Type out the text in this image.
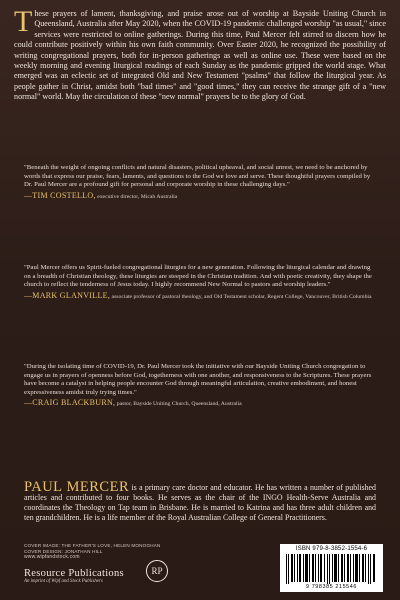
These prayers of lament, thanksgiving, and praise arose out of worship at Bayside Uniting Church in Queensland, Australia after May 2020, when the COVID-19 pandemic challenged worship "as usual," since services were restricted to online gatherings. During this time, Paul Mercer felt stirred to discern how he could contribute positively within his own faith community. Over Easter 2020, he recognized the possibility of writing congregational prayers, both for in-person gatherings as well as online use. These were based on the weekly morning and evening liturgical readings of each Sunday as the pandemic gripped the world stage. What emerged was an eclectic set of integrated Old and New Testament "psalms" that follow the liturgical year. As people gather in Christ, amidst both "bad times" and "good times," they can receive the strange gift of a "new normal" world. May the circulation of these "new normal" prayers be to the glory of God.

"Beneath the weight of ongoing conflicts and natural disasters, political upheaval, and social unrest, we need to be anchored by words that express our praise, fears, laments, and questions to the God we love and serve. These thoughtful prayers compiled by Dr. Paul Mercer are a profound gift for personal and corporate worship in these challenging days."

—TIM COSTELLO, executive director, Micah Australia

"Paul Mercer offers us Spirit-fueled congregational liturgies for a new generation. Following the liturgical calendar and drawing on a breadth of Christian theology, these liturgies are steeped in the Christian tradition. And with poetic creativity, they shape the church to reflect the tenderness of Jesus today. I highly recommend New Normal to pastors and worship leaders."

—MARK GLANVILLE, associate professor of pastoral theology, and Old Testament scholar, Regent College, Vancouver, British Columbia

"During the isolating time of COVID-19, Dr. Paul Mercer took the initiative with our Bayside Uniting Church congregation to engage us in prayers of openness before God, togetherness with one another, and responsiveness to the Scriptures. These prayers have become a catalyst in helping people encounter God through meaningful articulation, creative embodiment, and honest expressiveness amidst truly trying times."

—CRAIG BLACKBURN, pastor, Bayside Uniting Church, Queensland, Australia
PAUL MERCER is a primary care doctor and educator. He has written a number of published articles and contributed to four books. He serves as the chair of the INGO Health-Serve Australia and coordinates the Theology on Tap team in Brisbane. He is married to Katrina and has three adult children and ten grandchildren. He is a life member of the Royal Australian College of General Practitioners.
COVER IMAGE: THE FATHER'S LOVE, HELEN MONOGHAN
COVER DESIGN: JONATHAN HILL
www.wipfandstock.com
Resource Publications
An imprint of Wipf and Stock Publishers
RP
ISBN 979-8-3852-1554-6
9 798385 215546
